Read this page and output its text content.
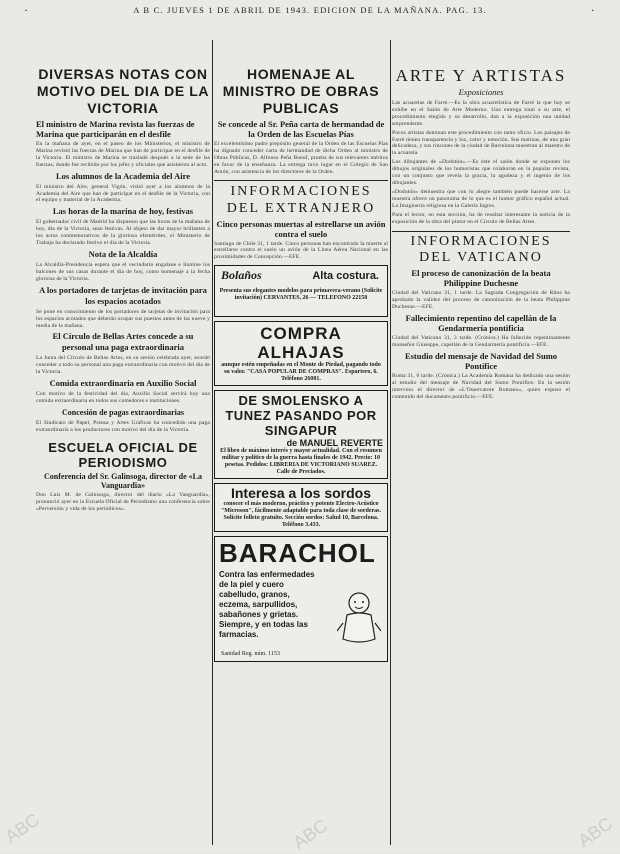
·	A B C. JUEVES 1 DE ABRIL DE 1943. EDICION DE LA MAÑANA. PAG. 13.	·
DIVERSAS NOTAS CON MOTIVO DEL DIA DE LA VICTORIA
El ministro de Marina revista las fuerzas de Marina que participarán en el desfile

En la mañana de ayer, en el paseo de los Ministerios, el ministro de Marina revistó las fuerzas de Marina que han de participar en el desfile de la Victoria. El ministro de Marina se trasladó después a la sede de las fuerzas, donde fue recibido por los jefes y oficiales que asistieron al acto.

Los alumnos de la Academia del Aire

El ministro del Aire, general Vigón, visitó ayer a los alumnos de la Academia del Aire que han de participar en el desfile de la Victoria, con el equipo y material de la Academia.

Las horas de la marina de hoy, festivas

El gobernador civil de Madrid ha dispuesto que las horas de la mañana de hoy, día de la Victoria, sean festivas. Al objeto de dar mayor brillantez a los actos conmemorativos de la gloriosa efemérides, el Ministerio de Trabajo ha declarado festivo el día de la Victoria.

Nota de la Alcaldía

La Alcaldía-Presidencia espera que el vecindario engalane e ilumine los balcones de sus casas durante el día de hoy, como homenaje a la fecha gloriosa de la Victoria.

A los portadores de tarjetas de invitación para los espacios acotados

Se pone en conocimiento de los portadores de tarjetas de invitación para los espacios acotados que deberán ocupar sus puestos antes de las nueve y media de la mañana.

El Círculo de Bellas Artes concede a su personal una paga extraordinaria

La Junta del Círculo de Bellas Artes, en su sesión celebrada ayer, acordó conceder a todo su personal una paga extraordinaria con motivo del día de la Victoria.

Comida extraordinaria en Auxilio Social

Con motivo de la festividad del día, Auxilio Social servirá hoy una comida extraordinaria en todos sus comedores e instituciones.

Concesión de pagas extraordinarias

El Sindicato de Papel, Prensa y Artes Gráficas ha concedido una paga extraordinaria a los productores con motivo del día de la Victoria.

ESCUELA OFICIAL DE PERIODISMO
Conferencia del Sr. Galinsoga, director de «La Vanguardia»

Don Luis M. de Galinsoga, director del diario «La Vanguardia», pronunció ayer en la Escuela Oficial de Periodismo una conferencia sobre «Perversión y vida de los periódicos».

HOMENAJE AL MINISTRO DE OBRAS PUBLICAS
Se concede al Sr. Peña carta de hermandad de la Orden de las Escuelas Pías

El excelentísimo padre prepósito general de la Orden de las Escuelas Pías ha dignado conceder carta de hermandad de dicha Orden al ministro de Obras Públicas, D. Alfonso Peña Boeuf, prueba de sus relevantes méritos en favor de la enseñanza. La entrega tuvo lugar en el Colegio de San Antón, con asistencia de los directores de la Orden.

INFORMACIONES DEL EXTRANJERO
Cinco personas muertas al estrellarse un avión contra el suelo

Santiago de Chile 31, 1 tarde. Cinco personas han encontrado la muerte al estrellarse contra el suelo un avión de la Línea Aérea Nacional en las proximidades de Concepción.—EFE.

Bolaños	Alta costura.
Presenta sus elegantes modelos para primavera-verano (Solicite invitación) CERVANTES, 26 — TELEFONO 22158
COMPRA ALHAJAS
aunque estén empeñadas en el Monte de Piedad, pagando todo su valor. "CASA POPULAR DE COMPRAS". Espartero, 6. Teléfono 26081.
DE SMOLENSKO A TUNEZ PASANDO POR SINGAPUR
de MANUEL REVERTE
El libro de máximo interés y mayor actualidad. Con el resumen militar y político de la guerra hasta finales de 1942. Precio: 10 pesetas. Pedidos: LIBRERIA DE VICTORIANO SUAREZ. Calle de Preciados.
Interesa a los sordos
conocer el más moderno, práctico y potente Electro-Acústico "Microson", fácilmente adaptable para toda clase de sorderas. Solicite folleto gratuito. Sección sordos: Salud 10, Barcelona. Teléfono 3.433.
BARACHOL
Contra las enfermedades de la piel y cuero cabelludo, granos, eczema, sarpullidos, sabañones y grietas. Siempre, y en todas las farmacias.
Sanidad Reg. núm. 1153
ARTE Y ARTISTAS
Exposiciones

Las acuarelas de Farré.—Es la obra acuarelística de Farré la que hoy se exhibe en el Salón de Arte Moderno. Una entrega total a su arte, el procedimiento elegido y su desarrollo, dan a la exposición una unidad sorprendente.

Pocos artistas dominan este procedimiento con tanto oficio. Los paisajes de Farré tienen transparencia y luz, color y emoción. Sus marinas, de una gran delicadeza, y sus rincones de la ciudad de Barcelona muestran al maestro de la acuarela.

Los dibujantes de «Dodotón».—Es éste el salón donde se exponen los dibujos originales de los humoristas que colaboran en la popular revista, con un conjunto que revela la gracia, la agudeza y el ingenio de los dibujantes.

«Dodotón» demuestra que con lo alegre también puede hacerse arte. La muestra ofrece un panorama de lo que es el humor gráfico español actual. La Imaginería religiosa en la Galería Ingres.

Para el lector, en esta sección, ha de resultar interesante la noticia de la exposición de la obra del pintor en el Círculo de Bellas Artes.

INFORMACIONES DEL VATICANO
El proceso de canonización de la beata Philippine Duchesne

Ciudad del Vaticano 31, 1 tarde. La Sagrada Congregación de Ritos ha aprobado la validez del proceso de canonización de la beata Philippine Duchesne.—EFE.

Fallecimiento repentino del capellán de la Gendarmería pontificia

Ciudad del Vaticano 31, 3 tarde. (Crónica.) Ha fallecido repentinamente monseñor Giuseppe, capellán de la Gendarmería pontificia.—EFE.

Estudio del mensaje de Navidad del Sumo Pontífice

Roma 31, 6 tarde. (Crónica.) La Academia Romana ha dedicado una sesión al estudio del mensaje de Navidad del Sumo Pontífice. En la sesión intervino el director de «L'Osservatore Romano», quien expuso el contenido del documento pontificio.—EFE.

ABC	ABC	ABC
